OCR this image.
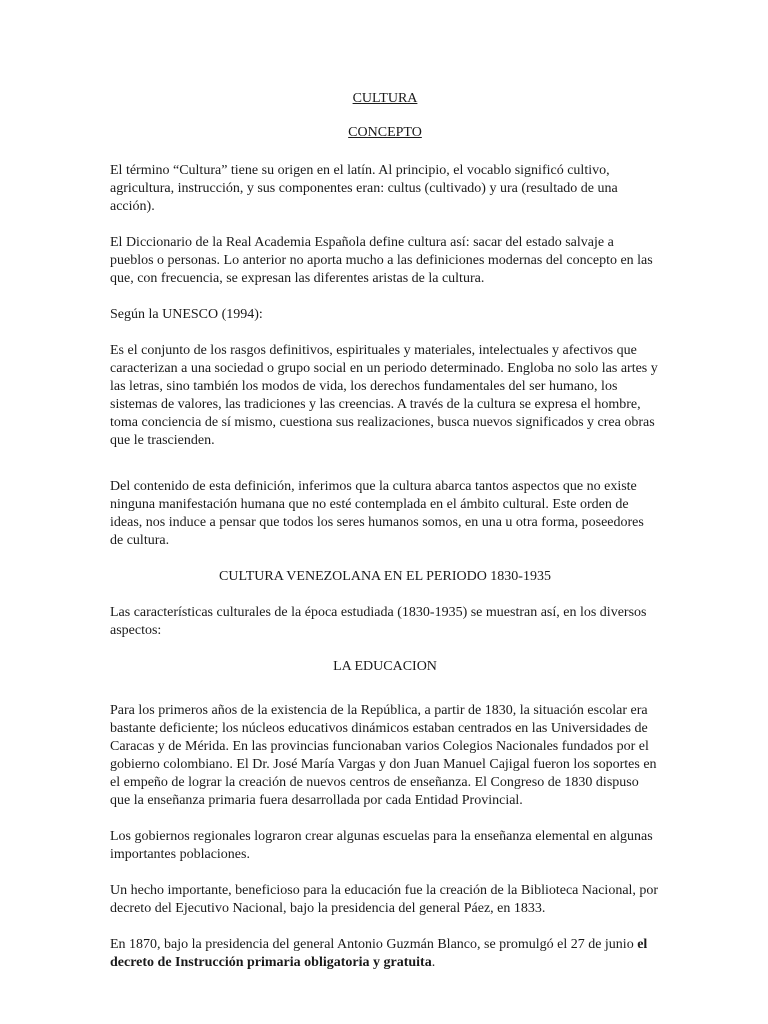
CULTURA
CONCEPTO

El término “Cultura” tiene su origen en el latín. Al principio, el vocablo significó cultivo, agricultura, instrucción, y sus componentes eran: cultus (cultivado) y ura (resultado de una acción).

El Diccionario de la Real Academia Española define cultura así: sacar del estado salvaje a pueblos o personas. Lo anterior no aporta mucho a las definiciones modernas del concepto en las que, con frecuencia, se expresan las diferentes aristas de la cultura.

Según la UNESCO (1994):

Es el conjunto de los rasgos definitivos, espirituales y materiales, intelectuales y afectivos que caracterizan a una sociedad o grupo social en un periodo determinado. Engloba no solo las artes y las letras, sino también los modos de vida, los derechos fundamentales del ser humano, los sistemas de valores, las tradiciones y las creencias. A través de la cultura se expresa el hombre, toma conciencia de sí mismo, cuestiona sus realizaciones, busca nuevos significados y crea obras que le trascienden.

Del contenido de esta definición, inferimos que la cultura abarca tantos aspectos que no existe ninguna manifestación humana que no esté contemplada en el ámbito cultural. Este orden de ideas, nos induce a pensar que todos los seres humanos somos, en una u otra forma, poseedores de cultura.

CULTURA VENEZOLANA EN EL PERIODO 1830-1935

Las características culturales de la época estudiada (1830-1935) se muestran así, en los diversos aspectos:

LA EDUCACION

Para los primeros años de la existencia de la República, a partir de 1830, la situación escolar era bastante deficiente; los núcleos educativos dinámicos estaban centrados en las Universidades de Caracas y de Mérida. En las provincias funcionaban varios Colegios Nacionales fundados por el gobierno colombiano. El Dr. José María Vargas y don Juan Manuel Cajigal fueron los soportes en el empeño de lograr la creación de nuevos centros de enseñanza. El Congreso de 1830 dispuso que la enseñanza primaria fuera desarrollada por cada Entidad Provincial.

Los gobiernos regionales lograron crear algunas escuelas para la enseñanza elemental en algunas importantes poblaciones.

Un hecho importante, beneficioso para la educación fue la creación de la Biblioteca Nacional, por decreto del Ejecutivo Nacional, bajo la presidencia del general Páez, en 1833.

En 1870, bajo la presidencia del general Antonio Guzmán Blanco, se promulgó el 27 de junio el decreto de Instrucción primaria obligatoria y gratuita.
